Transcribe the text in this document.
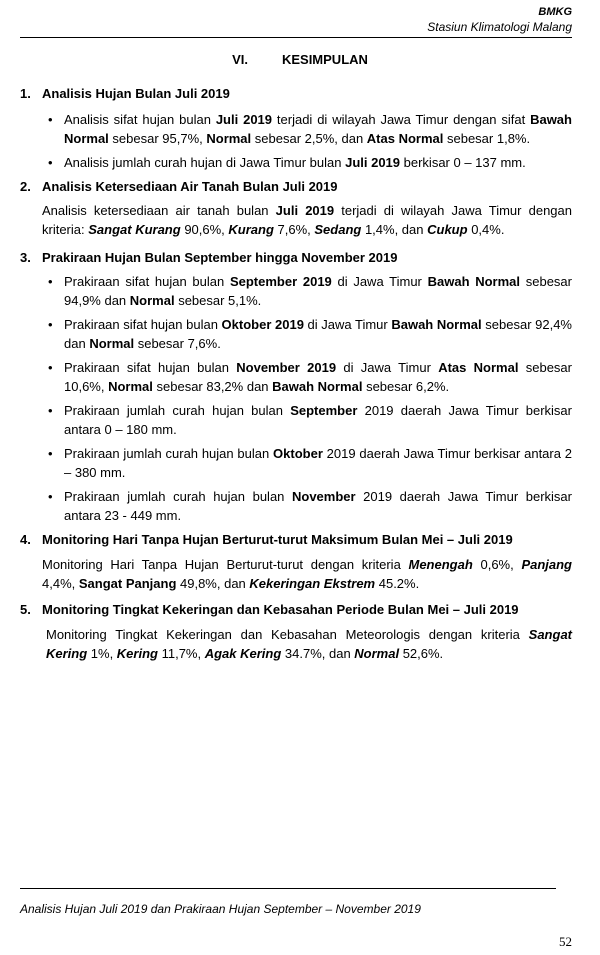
BMKG
Stasiun Klimatologi Malang
VI.	KESIMPULAN
1. Analisis Hujan Bulan Juli 2019
• Analisis sifat hujan bulan Juli 2019 terjadi di wilayah Jawa Timur dengan sifat Bawah Normal sebesar 95,7%, Normal sebesar 2,5%, dan Atas Normal sebesar 1,8%.
• Analisis jumlah curah hujan di Jawa Timur bulan Juli 2019 berkisar 0 – 137 mm.
2. Analisis Ketersediaan Air Tanah Bulan Juli 2019

Analisis ketersediaan air tanah bulan Juli 2019 terjadi di wilayah Jawa Timur dengan kriteria: Sangat Kurang 90,6%, Kurang 7,6%, Sedang 1,4%, dan Cukup 0,4%.

3. Prakiraan Hujan Bulan September hingga November 2019
• Prakiraan sifat hujan bulan September 2019 di Jawa Timur Bawah Normal sebesar 94,9% dan Normal sebesar 5,1%.
• Prakiraan sifat hujan bulan Oktober 2019 di Jawa Timur Bawah Normal sebesar 92,4% dan Normal sebesar 7,6%.
• Prakiraan sifat hujan bulan November 2019 di Jawa Timur Atas Normal sebesar 10,6%, Normal sebesar 83,2% dan Bawah Normal sebesar 6,2%.
• Prakiraan jumlah curah hujan bulan September 2019 daerah Jawa Timur berkisar antara 0 – 180 mm.
• Prakiraan jumlah curah hujan bulan Oktober 2019 daerah Jawa Timur berkisar antara 2 – 380 mm.
• Prakiraan jumlah curah hujan bulan November 2019 daerah Jawa Timur berkisar antara 23 - 449 mm.
4. Monitoring Hari Tanpa Hujan Berturut-turut Maksimum Bulan Mei – Juli 2019

Monitoring Hari Tanpa Hujan Berturut-turut dengan kriteria Menengah 0,6%, Panjang 4,4%, Sangat Panjang 49,8%, dan Kekeringan Ekstrem 45.2%.

5. Monitoring Tingkat Kekeringan dan Kebasahan Periode Bulan Mei – Juli 2019

Monitoring Tingkat Kekeringan dan Kebasahan Meteorologis dengan kriteria Sangat Kering 1%, Kering 11,7%, Agak Kering 34.7%, dan Normal 52,6%.

Analisis Hujan Juli 2019 dan Prakiraan Hujan September – November 2019
52
